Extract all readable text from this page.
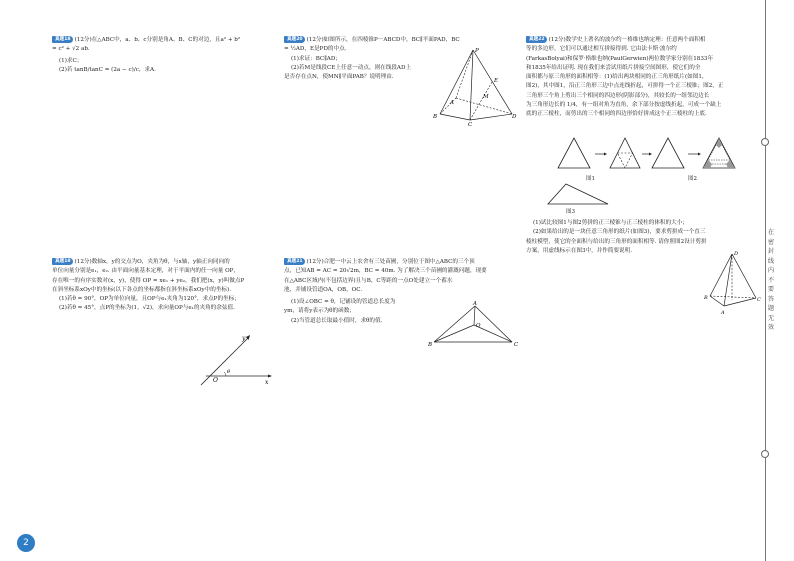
真题18 (12分)在△ABC中，a、b、c分别是角A、B、C的对边，且a² + b²

= c² + √2 ab.

(1)求C；

(2)若 tanB/tanC = (2a − c)/c，求A.

真题19 (12分)数轴x，y的交点为O，夹角为θ，与x轴，y轴正向同向的

单位向量分别是e₁，e₂. 由平面向量基本定理，对于平面内的任一向量 OP，

存在唯一的有序实数对(x，y)，使得 OP = xe₁ + ye₂，我们把(x，y)叫做点P

在斜坐标系xOy中的坐标(以下各点的坐标都指在斜坐标系xOy中的坐标).

(1)若θ = 90°，OP为单位向量，且OP与e₁夹角为120°，求点P的坐标；

(2)若θ = 45°，点P的坐标为(1，√2)，求向量OP与e₁的夹角的余弦值.

O	x
y
θ

真题20 (12分)如图所示，在四棱锥P－ABCD中，BC∥平面PAD，BC

= ½AD，E是PD的中点.

(1)求证：BC∥AD；

(2)若M是线段CE上任意一动点，则在线段AD上

是否存在点N，使MN∥平面PAB？说明理由.

P
E
M
A
B
C
D

真题21 (12分)合肥一中云上农舍有三处苗圃，分别位于图中△ABC的三个顶

点，已知AB = AC = 20√2m，BC = 40m. 为了解决三个苗圃的灌溉问题，现要

在△ABC区域内(不包括边界)且与B，C等距的一点O处建立一个蓄水

池，并铺设管道OA，OB，OC.

(1)设∠OBC = θ，记铺设的管道总长度为

ym，请将y表示为θ的函数；

(2)当管道总长取最小值时，求θ的值.

A
B	C
O

真题22 (12分)数学史上著名的波尔约－格维也纳定理：任意两个面积相

等的多边形，它们可以通过相互拼接得到. 它由法卡斯·波尔约

(FarkasBolyai)和保罗·格维也纳(PaulGerwien)两位数学家分别在1833年

和1835年给出证明. 现在我们来尝试用纸片拼接空间图形，使它们的全

面积都与原三角形的面积相等：(1)给出两块相同的正三角形纸片(如图1，

图2)，其中图1，沿正三角形三边中点连线折起，可拼得一个正三棱锥；图2，正

三角形三个角上剪出三个相同的四边形(阴影部分)，其较长的一组邻边边长

为三角形边长的 1/4，有一组对角为直角，余下部分按虚线折起，可成一个缺上

底的正三棱柱，而剪出的三个相同的四边形恰好拼成这个正三棱柱的上底.

图1	图2
图3

(1)试比较图1与图2剪拼的正三棱锥与正三棱柱的体积的大小；

(2)如果给出的是一块任意三角形的纸片(如图3)，要求剪拼成一个直三

棱柱模型，使它的全面积与给出的三角形的面积相等. 请你照图2设计剪拼

方案，用虚线标示在图3中，并作简要说明.

D
B
A
C
2
在
密
封
线
内
不
要
答
题
无
效
